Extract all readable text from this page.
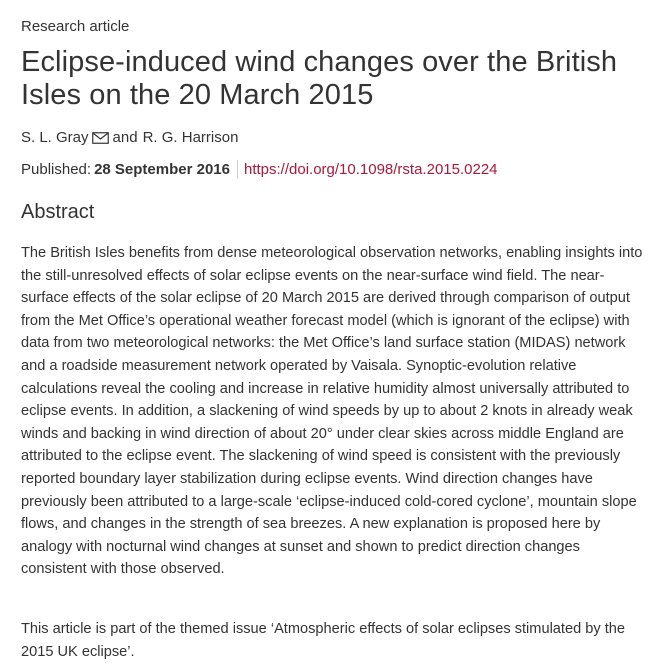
Research article
Eclipse-induced wind changes over the British Isles on the 20 March 2015
S. L. Gray and R. G. Harrison
Published: 28 September 2016 https://doi.org/10.1098/rsta.2015.0224
Abstract

The British Isles benefits from dense meteorological observation networks, enabling insights into the still-unresolved effects of solar eclipse events on the near-surface wind field. The near-surface effects of the solar eclipse of 20 March 2015 are derived through comparison of output from the Met Office’s operational weather forecast model (which is ignorant of the eclipse) with data from two meteorological networks: the Met Office’s land surface station (MIDAS) network and a roadside measurement network operated by Vaisala. Synoptic-evolution relative calculations reveal the cooling and increase in relative humidity almost universally attributed to eclipse events. In addition, a slackening of wind speeds by up to about 2 knots in already weak winds and backing in wind direction of about 20° under clear skies across middle England are attributed to the eclipse event. The slackening of wind speed is consistent with the previously reported boundary layer stabilization during eclipse events. Wind direction changes have previously been attributed to a large-scale ‘eclipse-induced cold-cored cyclone’, mountain slope flows, and changes in the strength of sea breezes. A new explanation is proposed here by analogy with nocturnal wind changes at sunset and shown to predict direction changes consistent with those observed.

This article is part of the themed issue ‘Atmospheric effects of solar eclipses stimulated by the 2015 UK eclipse’.
